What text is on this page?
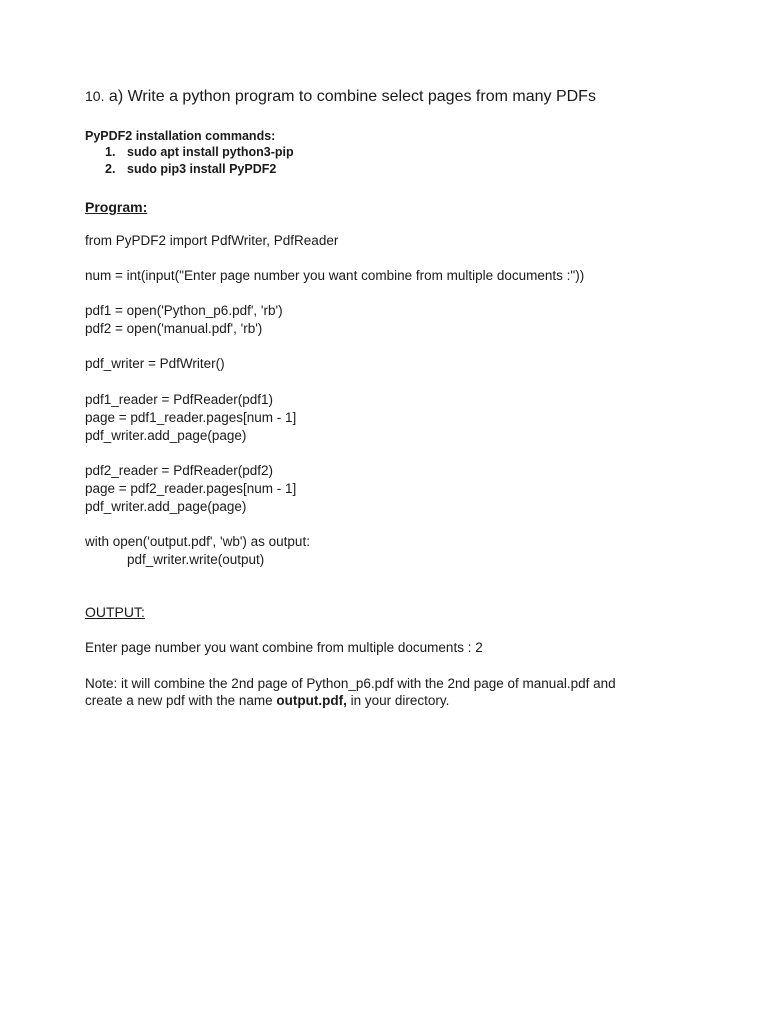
10. a) Write a python program to combine select pages from many PDFs
PyPDF2 installation commands:
1. sudo apt install python3-pip
2. sudo pip3 install PyPDF2
Program:
from PyPDF2 import PdfWriter, PdfReader
num = int(input("Enter page number you want combine from multiple documents :"))
pdf1 = open('Python_p6.pdf', 'rb')
pdf2 = open('manual.pdf', 'rb')
pdf_writer = PdfWriter()
pdf1_reader = PdfReader(pdf1)
page = pdf1_reader.pages[num - 1]
pdf_writer.add_page(page)
pdf2_reader = PdfReader(pdf2)
page = pdf2_reader.pages[num - 1]
pdf_writer.add_page(page)
with open('output.pdf', 'wb') as output:
pdf_writer.write(output)
OUTPUT:
Enter page number you want combine from multiple documents : 2
Note: it will combine the 2nd page of Python_p6.pdf with the 2nd page of manual.pdf and
create a new pdf with the name output.pdf, in your directory.
